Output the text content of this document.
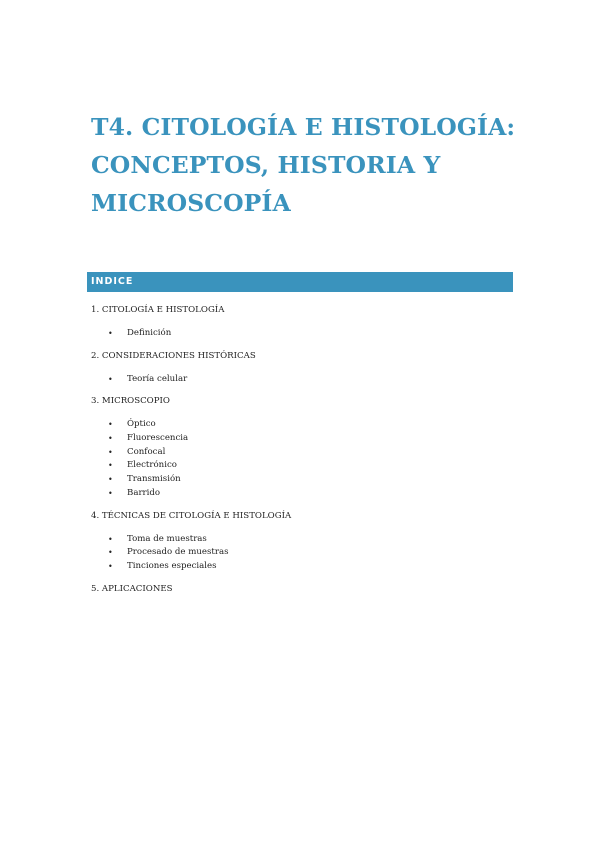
T4. CITOLOGÍA E HISTOLOGÍA:
CONCEPTOS, HISTORIA Y
MICROSCOPÍA
INDICE
1. CITOLOGÍA E HISTOLOGÍA
• Definición
2. CONSIDERACIONES HISTÓRICAS
• Teoría celular
3. MICROSCOPIO
• Óptico
• Fluorescencia
• Confocal
• Electrónico
• Transmisión
• Barrido
4. TÉCNICAS DE CITOLOGÍA E HISTOLOGÍA
• Toma de muestras
• Procesado de muestras
• Tinciones especiales
5. APLICACIONES
